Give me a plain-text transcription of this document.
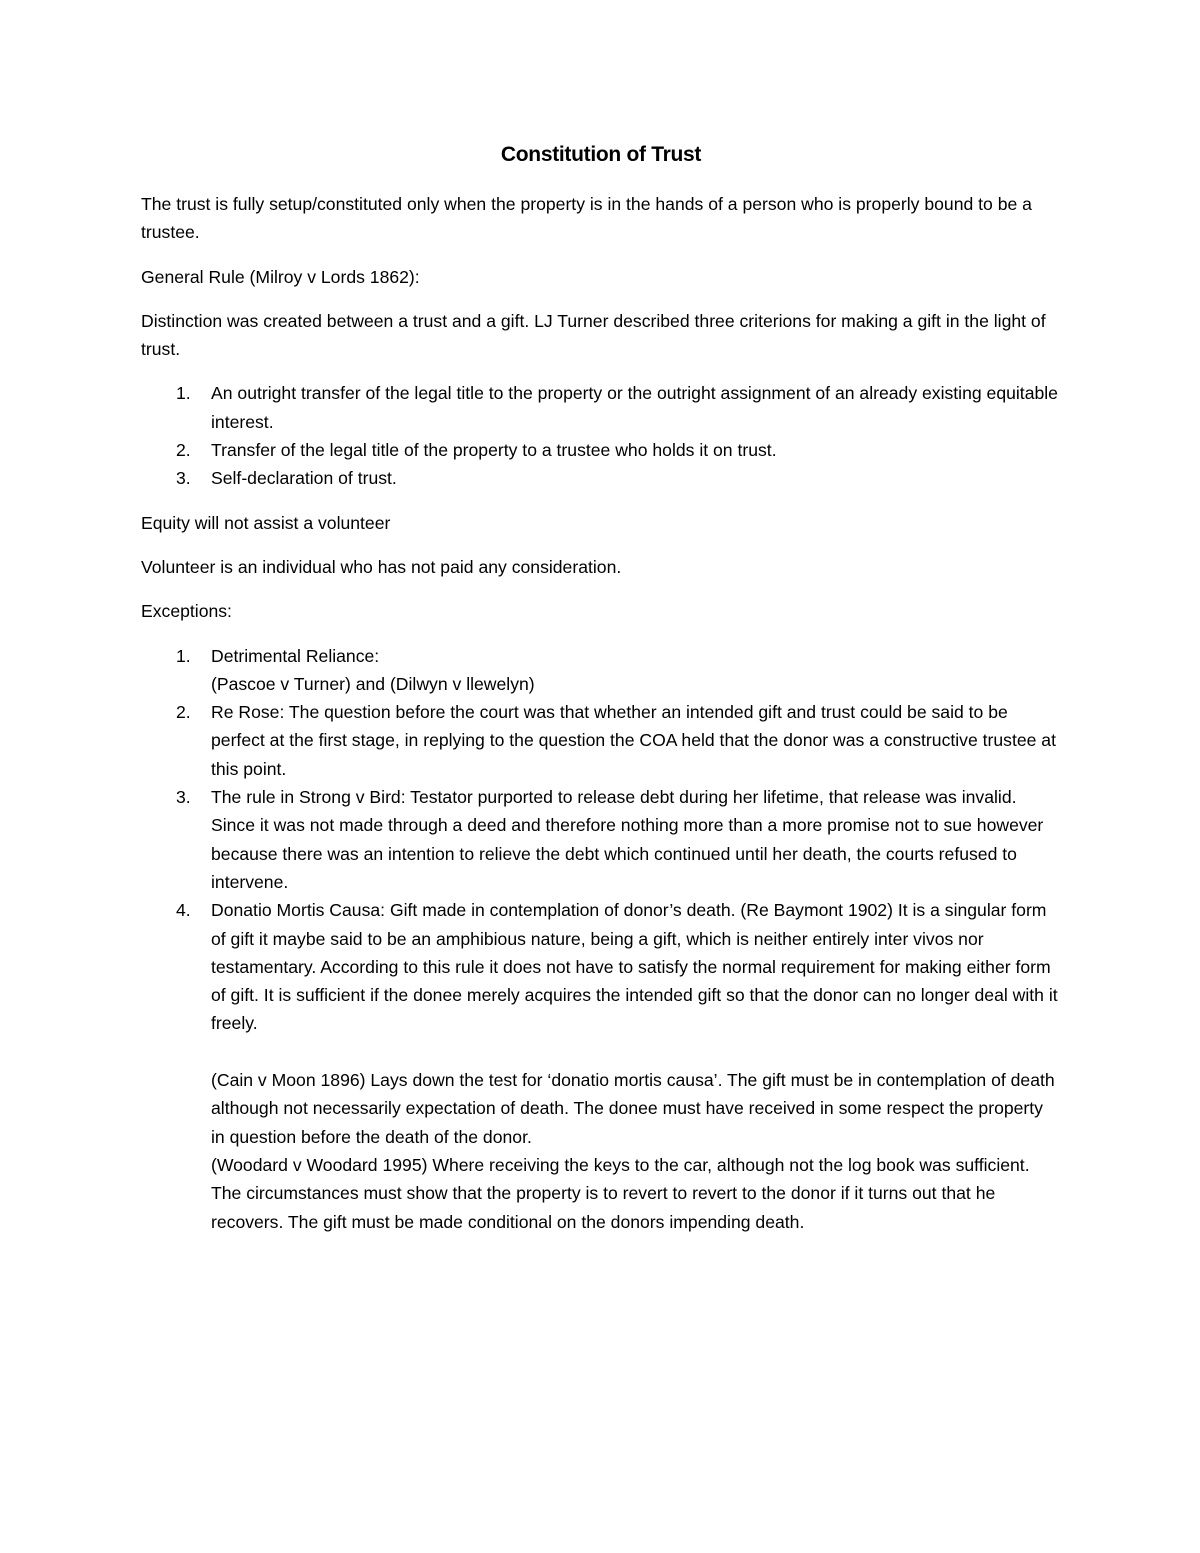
Constitution of Trust

The trust is fully setup/constituted only when the property is in the hands of a person who is properly bound to be a trustee.

General Rule (Milroy v Lords 1862):

Distinction was created between a trust and a gift. LJ Turner described three criterions for making a gift in the light of trust.

1. An outright transfer of the legal title to the property or the outright assignment of an already existing equitable interest.
2. Transfer of the legal title of the property to a trustee who holds it on trust.
3. Self-declaration of trust.

Equity will not assist a volunteer

Volunteer is an individual who has not paid any consideration.

Exceptions:

1. Detrimental Reliance:
(Pascoe v Turner) and (Dilwyn v llewelyn)
2. Re Rose: The question before the court was that whether an intended gift and trust could be said to be perfect at the first stage, in replying to the question the COA held that the donor was a constructive trustee at this point.
3. The rule in Strong v Bird: Testator purported to release debt during her lifetime, that release was invalid. Since it was not made through a deed and therefore nothing more than a more promise not to sue however because there was an intention to relieve the debt which continued until her death, the courts refused to intervene.
4. Donatio Mortis Causa: Gift made in contemplation of donor’s death. (Re Baymont 1902) It is a singular form of gift it maybe said to be an amphibious nature, being a gift, which is neither entirely inter vivos nor testamentary. According to this rule it does not have to satisfy the normal requirement for making either form of gift. It is sufficient if the donee merely acquires the intended gift so that the donor can no longer deal with it freely.
(Cain v Moon 1896) Lays down the test for ‘donatio mortis causa’. The gift must be in contemplation of death although not necessarily expectation of death. The donee must have received in some respect the property in question before the death of the donor.
(Woodard v Woodard 1995) Where receiving the keys to the car, although not the log book was sufficient.
The circumstances must show that the property is to revert to revert to the donor if it turns out that he recovers. The gift must be made conditional on the donors impending death.
